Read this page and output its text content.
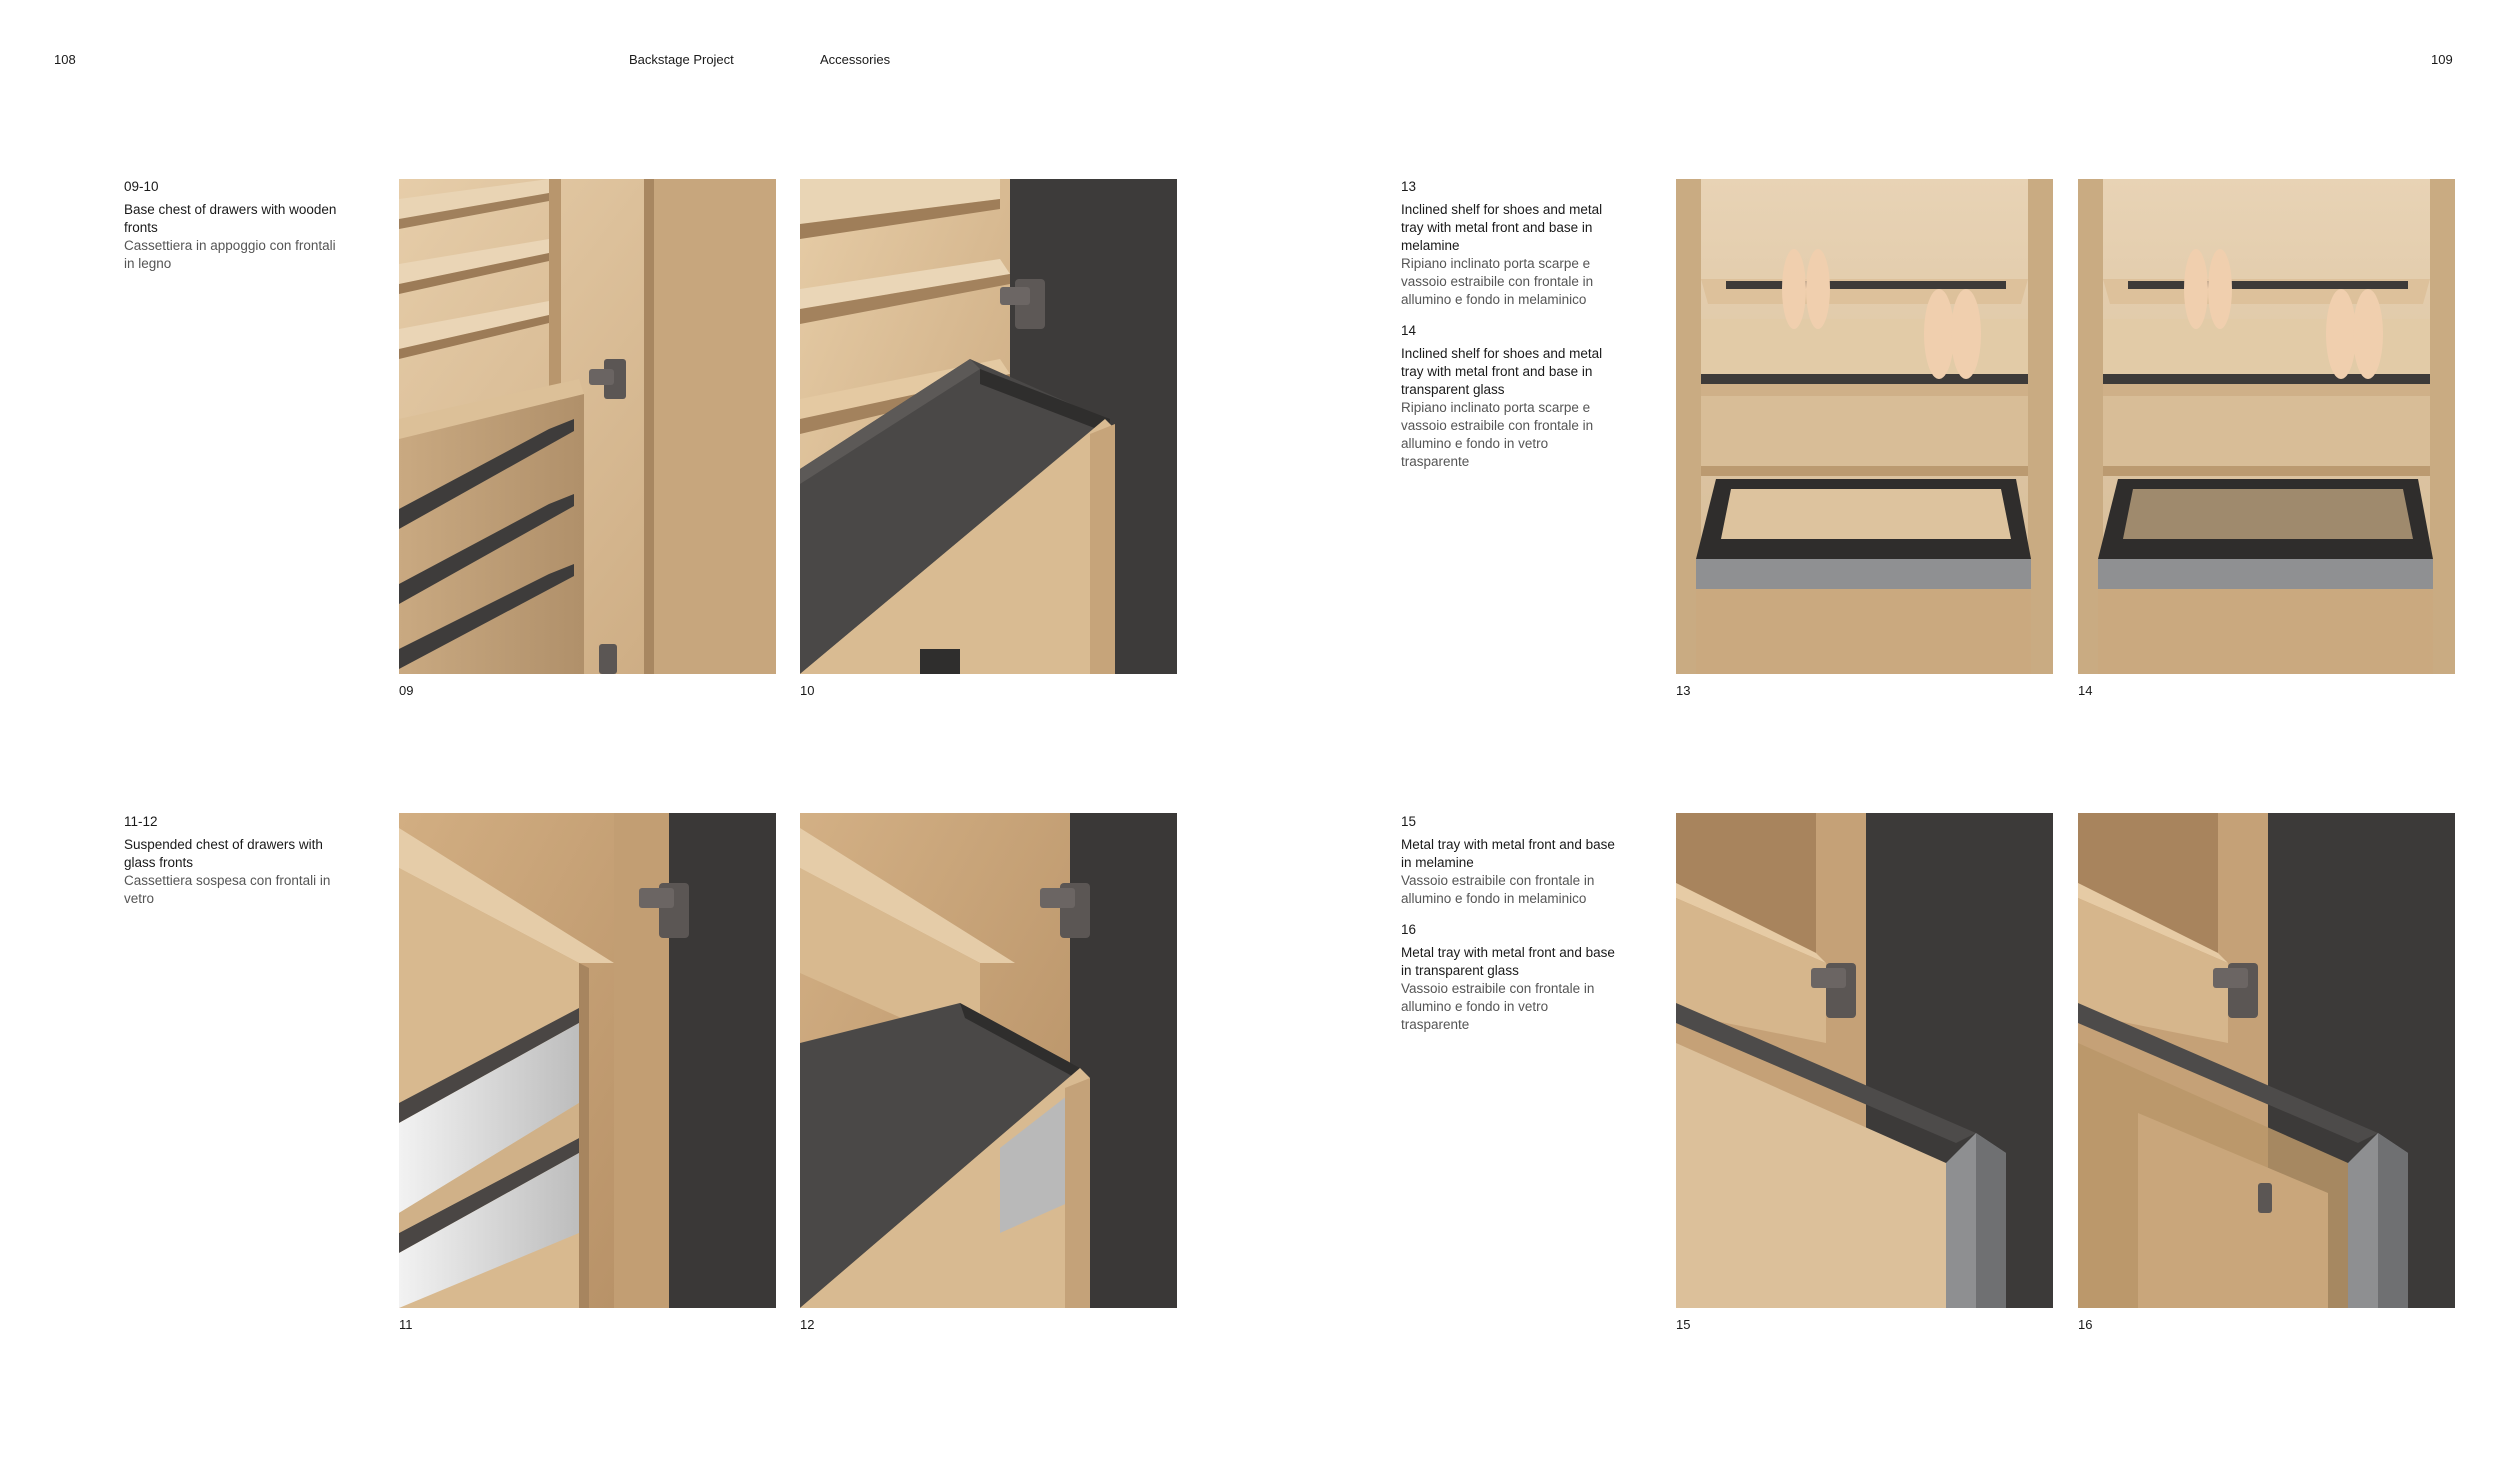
108	Backstage Project	Accessories	109
09-10
Base chest of drawers with wooden fronts
Cassettiera in appoggio con frontali in legno
11-12
Suspended chest of drawers with glass fronts
Cassettiera sospesa con frontali in vetro
13
Inclined shelf for shoes and metal tray with metal front and base in melamine
Ripiano inclinato porta scarpe e vassoio estraibile con frontale in allumino e fondo in melaminico
14
Inclined shelf for shoes and metal tray with metal front and base in transparent glass
Ripiano inclinato porta scarpe e vassoio estraibile con frontale in allumino e fondo in vetro trasparente
15
Metal tray with metal front and base in melamine
Vassoio estraibile con frontale in allumino e fondo in melaminico
16
Metal tray with metal front and base in transparent glass
Vassoio estraibile con frontale in allumino e fondo in vetro trasparente
09	10
11	12
13	14
15	16
